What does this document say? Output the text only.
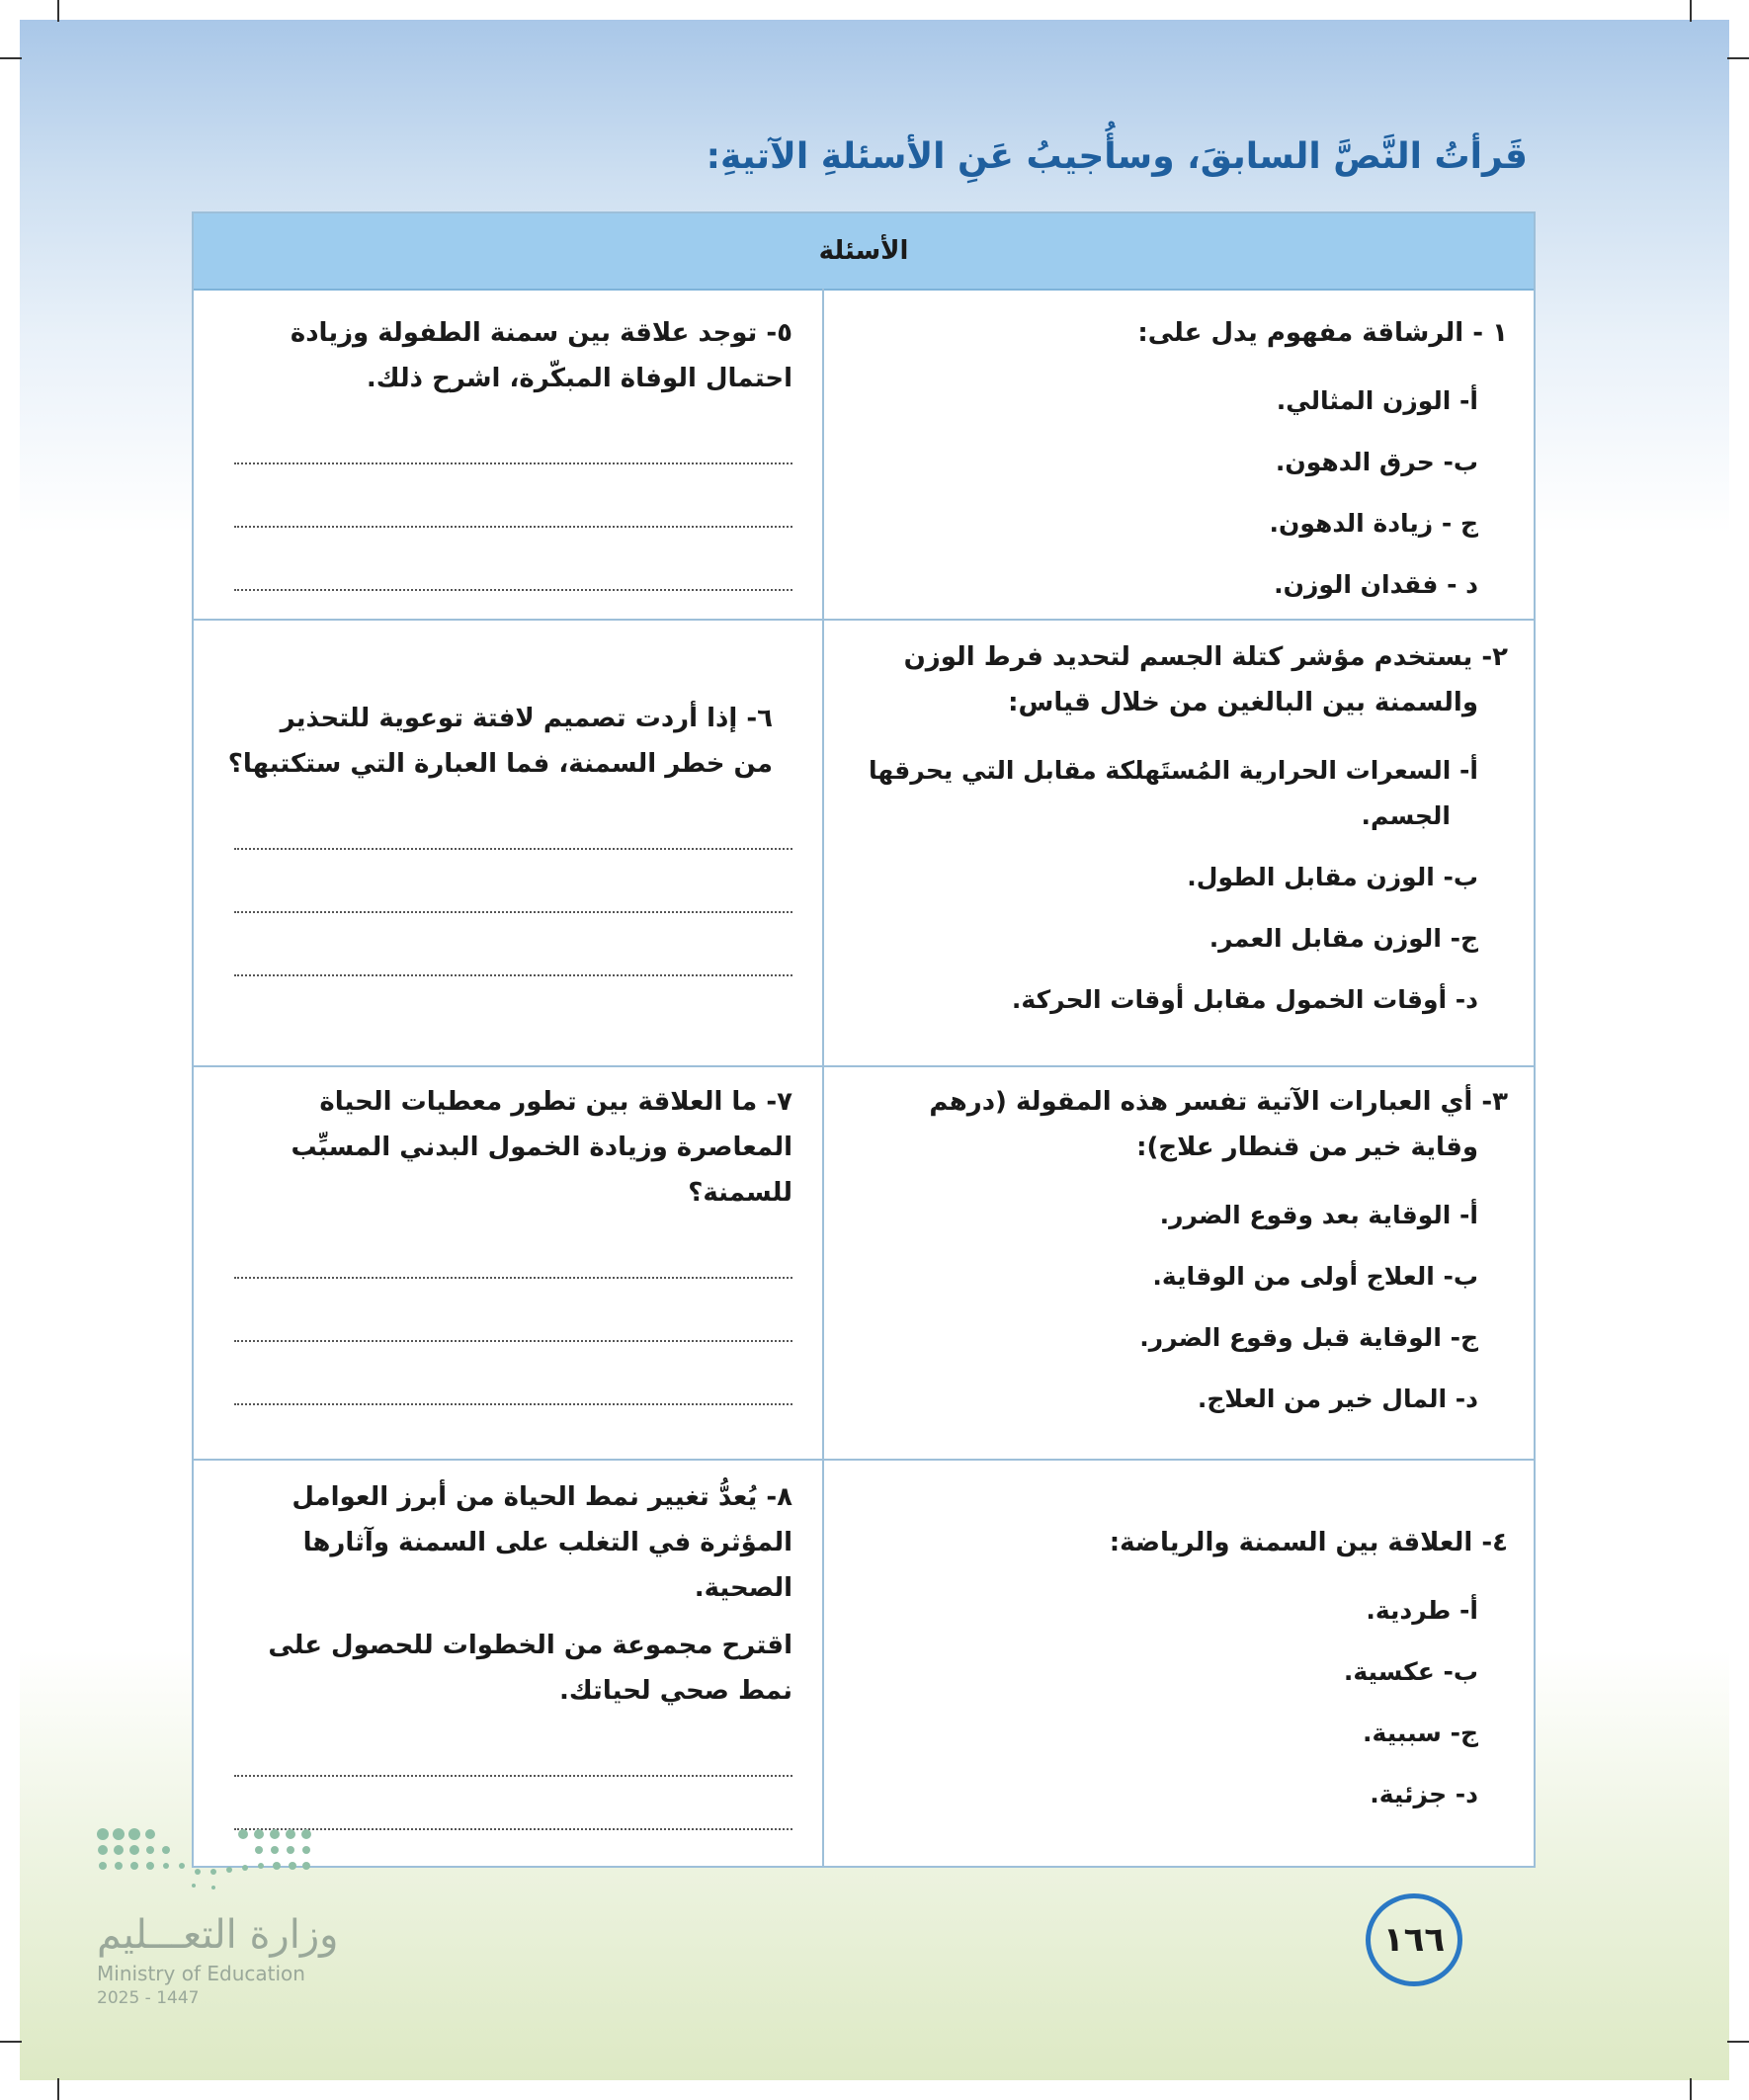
قَرأتُ النَّصَّ السابقَ، وسأُجيبُ عَنِ الأسئلةِ الآتيةِ:
الأسئلة
١ - الرشاقة مفهوم يدل على:
أ- الوزن المثالي.
ب- حرق الدهون.
ج - زيادة الدهون.
د - فقدان الوزن.
٥- توجد علاقة بين سمنة الطفولة وزيادة
احتمال الوفاة المبكّرة، اشرح ذلك.
٢- يستخدم مؤشر كتلة الجسم لتحديد فرط الوزن
والسمنة بين البالغين من خلال قياس:
أ- السعرات الحرارية المُستَهلكة مقابل التي يحرقها
الجسم.
ب- الوزن مقابل الطول.
ج- الوزن مقابل العمر.
د- أوقات الخمول مقابل أوقات الحركة.
٦- إذا أردت تصميم لافتة توعوية للتحذير
من خطر السمنة، فما العبارة التي ستكتبها؟
٣- أي العبارات الآتية تفسر هذه المقولة (درهم
وقاية خير من قنطار علاج):
أ- الوقاية بعد وقوع الضرر.
ب- العلاج أولى من الوقاية.
ج- الوقاية قبل وقوع الضرر.
د- المال خير من العلاج.
٧- ما العلاقة بين تطور معطيات الحياة
المعاصرة وزيادة الخمول البدني المسبِّب
للسمنة؟
٤- العلاقة بين السمنة والرياضة:
أ- طردية.
ب- عكسية.
ج- سببية.
د- جزئية.
٨- يُعدُّ تغيير نمط الحياة من أبرز العوامل
المؤثرة في التغلب على السمنة وآثارها
الصحية.
اقترح مجموعة من الخطوات للحصول على
نمط صحي لحياتك.
وزارة التعـــليم
Ministry of Education
2025 - 1447
١٦٦
